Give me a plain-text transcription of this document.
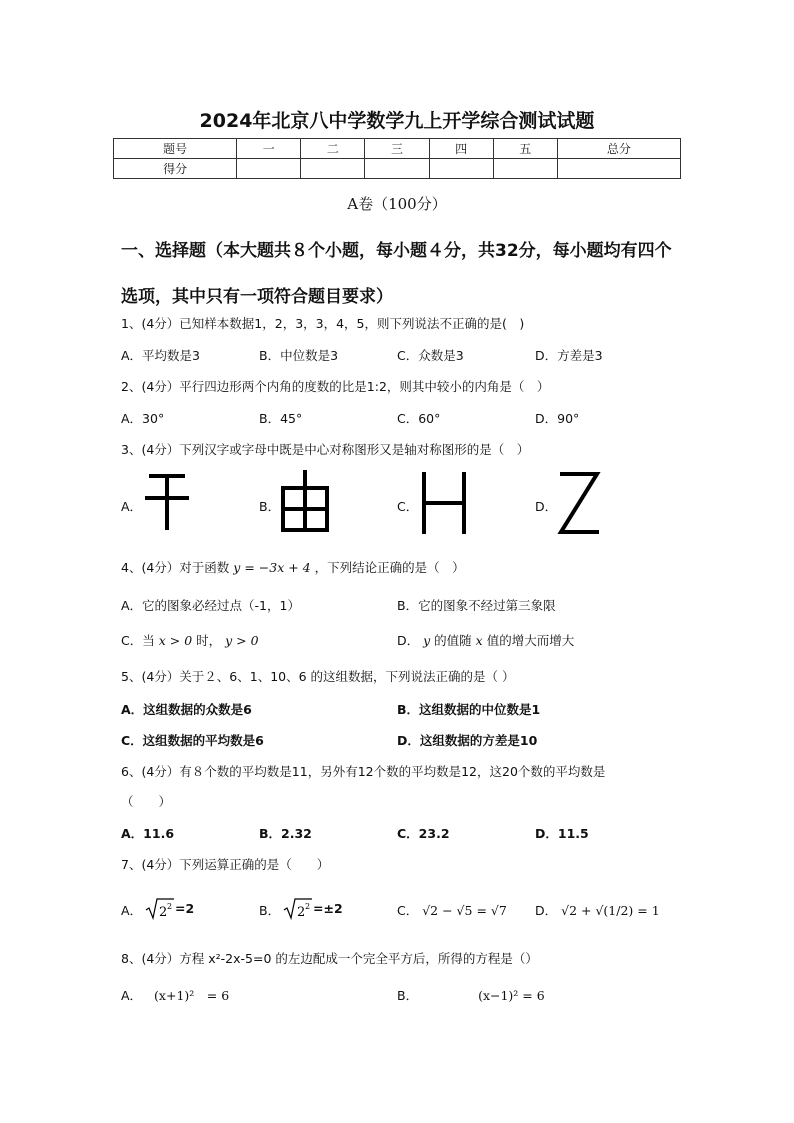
2024年北京八中学数学九上开学综合测试试题
题号	一	二	三	四	五	总分
得分						
A卷（100分）
一、选择题（本大题共８个小题，每小题４分，共32分，每小题均有四个选项，其中只有一项符合题目要求）
1、(4分）已知样本数据1，2，3，3，4，5，则下列说法不正确的是(　)
A．平均数是3	B．中位数是3	C．众数是3	D．方差是3
2、(4分）平行四边形两个内角的度数的比是1:2，则其中较小的内角是（　）
A．30°	B．45°	C．60°	D．90°
3、(4分）下列汉字或字母中既是中心对称图形又是轴对称图形的是（　）
A．	B．	C．	D．
4、(4分）对于函数 y = −3x + 4 ，下列结论正确的是（　）
A．它的图象必经过点（-1，1）	B．它的图象不经过第三象限
C．当 x > 0 时， y > 0	D． y 的值随 x 值的增大而增大
5、(4分）关于２、6、1、10、6 的这组数据，下列说法正确的是（ ）
A．这组数据的众数是6	B．这组数据的中位数是1
C．这组数据的平均数是6	D．这组数据的方差是10
6、(4分）有８个数的平均数是11，另外有12个数的平均数是12，这20个数的平均数是
（　　）
A．11.6	B．2.32	C．23.2	D．11.5
7、(4分）下列运算正确的是（　　）
A． 2 2 =2	B． 2 2 =±2	C． √2 − √5 = √7 D． √2 + √(1/2) = 1
8、(4分）方程 x²-2x-5=0 的左边配成一个完全平方后，所得的方程是（）
A． (x+1)²　= 6	B．	(x−1)² = 6
